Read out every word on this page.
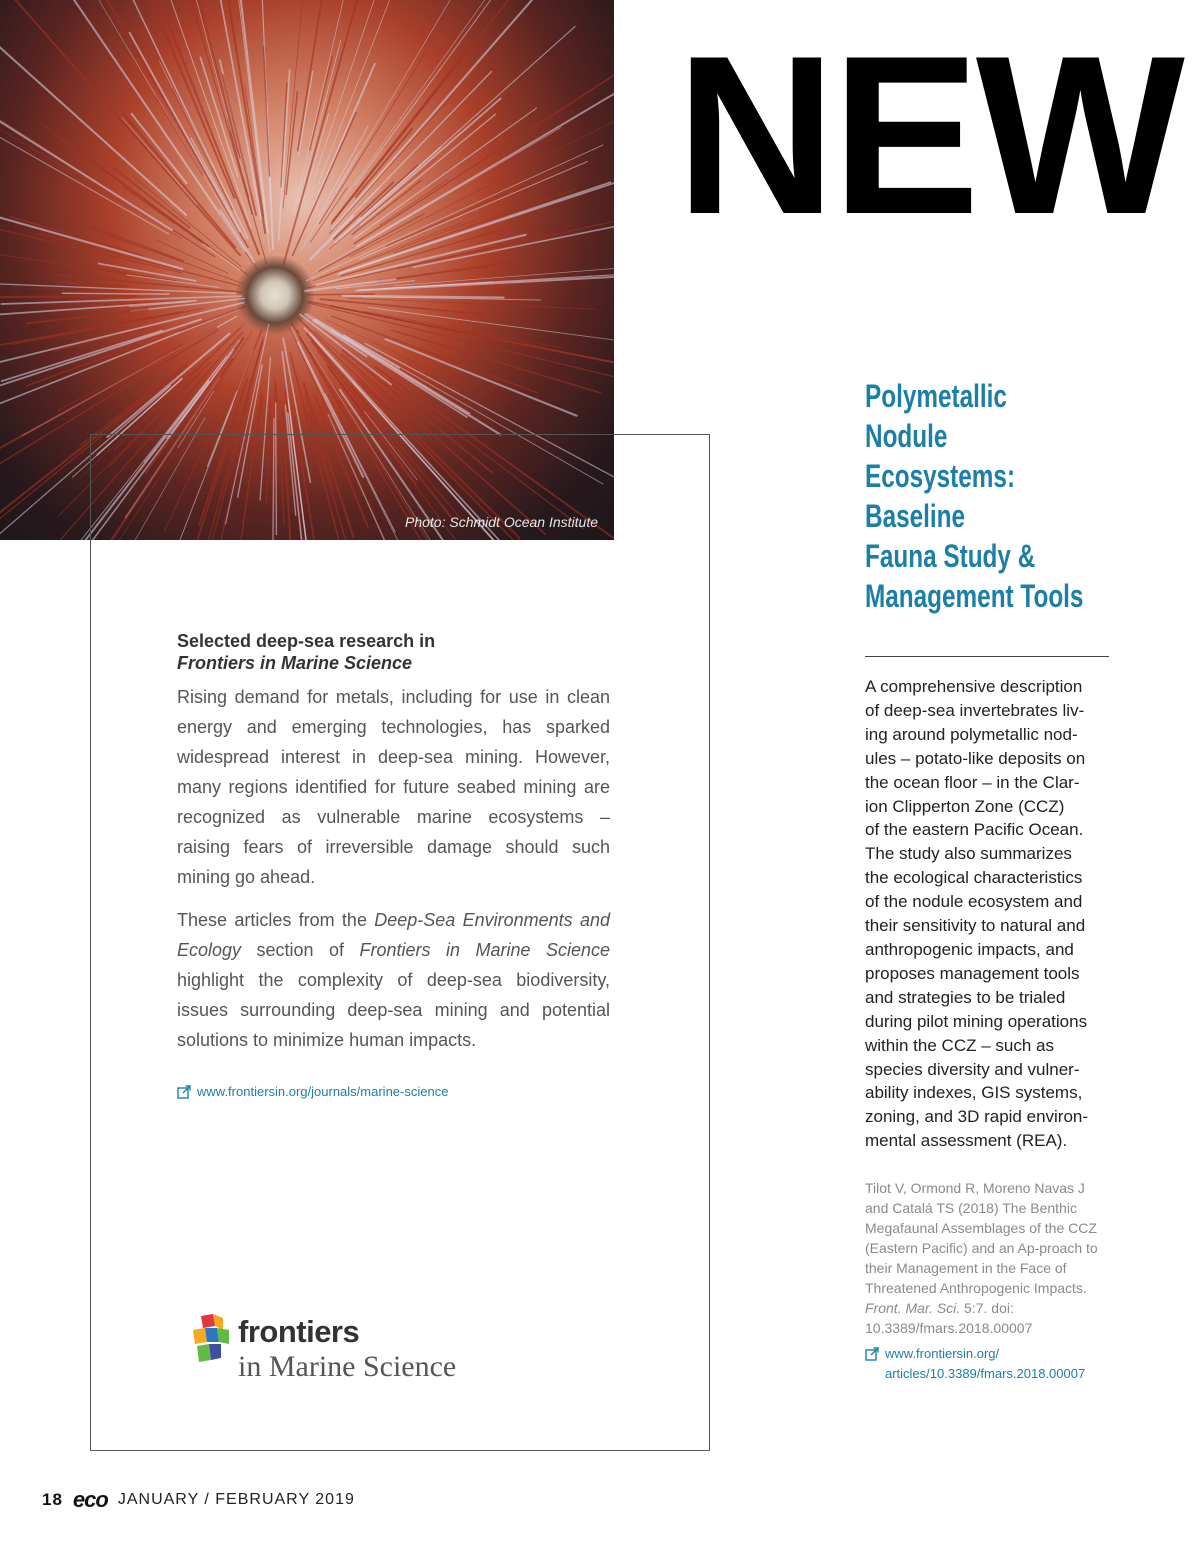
Photo: Schmidt Ocean Institute
NEW
Selected deep-sea research in
Frontiers in Marine Science

Rising demand for metals, including for use in clean energy and emerging technologies, has sparked widespread interest in deep-sea mining. However, many regions identified for future seabed mining are recognized as vulnerable marine ecosystems – raising fears of irreversible damage should such mining go ahead.

These articles from the Deep-Sea Environments and Ecology section of Frontiers in Marine Science highlight the complexity of deep-sea biodiversity, issues surrounding deep-sea mining and potential solutions to minimize human impacts.

www.frontiersin.org/journals/marine-science
frontiers
in Marine Science
Polymetallic
Nodule
Ecosystems:
Baseline
Fauna Study &
Management Tools
A comprehensive description
of deep-sea invertebrates liv-
ing around polymetallic nod-
ules – potato-like deposits on
the ocean floor – in the Clar-
ion Clipperton Zone (CCZ)
of the eastern Pacific Ocean.
The study also summarizes
the ecological characteristics
of the nodule ecosystem and
their sensitivity to natural and
anthropogenic impacts, and
proposes management tools
and strategies to be trialed
during pilot mining operations
within the CCZ – such as
species diversity and vulner-
ability indexes, GIS systems,
zoning, and 3D rapid environ-
mental assessment (REA).
Tilot V, Ormond R, Moreno Navas J and Catalá TS (2018) The Benthic Megafaunal Assemblages of the CCZ (Eastern Pacific) and an Ap-proach to their Management in the Face of Threatened Anthropogenic Impacts. Front. Mar. Sci. 5:7. doi: 10.3389/fmars.2018.00007
www.frontiersin.org/
articles/10.3389/fmars.2018.00007
18 eco JANUARY / FEBRUARY 2019
